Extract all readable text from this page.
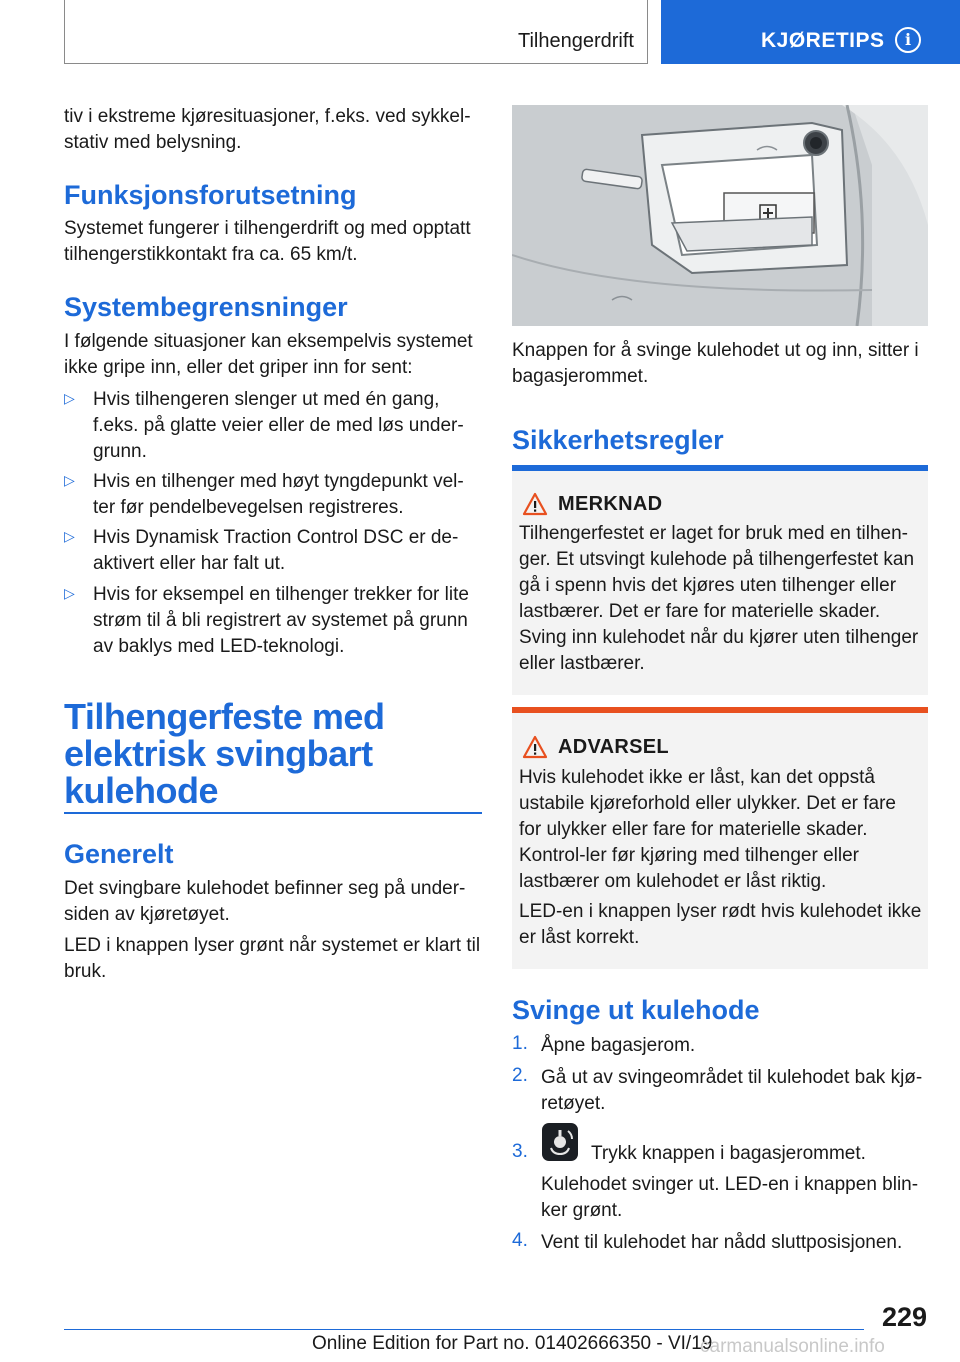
Tilhengerdrift	KJØRETIPS	i

tiv i ekstreme kjøresituasjoner, f.eks. ved sykkel-stativ med belysning.

Funksjonsforutsetning

Systemet fungerer i tilhengerdrift og med opptatt tilhengerstikkontakt fra ca. 65 km/t.

Systembegrensninger

I følgende situasjoner kan eksempelvis systemet ikke gripe inn, eller det griper inn for sent:

▷ Hvis tilhengeren slenger ut med én gang, f.eks. på glatte veier eller de med løs under-grunn.
▷ Hvis en tilhenger med høyt tyngdepunkt vel-ter før pendelbevegelsen registreres.
▷ Hvis Dynamisk Traction Control DSC er de-aktivert eller har falt ut.
▷ Hvis for eksempel en tilhenger trekker for lite strøm til å bli registrert av systemet på grunn av baklys med LED-teknologi.
Tilhengerfeste med elektrisk svingbart kulehode
Generelt

Det svingbare kulehodet befinner seg på under-siden av kjøretøyet.

LED i knappen lyser grønt når systemet er klart til bruk.

Knappen for å svinge kulehodet ut og inn, sitter i bagasjerommet.

Sikkerhetsregler
MERKNAD

Tilhengerfestet er laget for bruk med en tilhen-ger. Et utsvingt kulehode på tilhengerfestet kan gå i spenn hvis det kjøres uten tilhenger eller lastbærer. Det er fare for materielle skader. Sving inn kulehodet når du kjører uten tilhenger eller lastbærer.

ADVARSEL

Hvis kulehodet ikke er låst, kan det oppstå ustabile kjøreforhold eller ulykker. Det er fare for ulykker eller fare for materielle skader. Kontrol-ler før kjøring med tilhenger eller lastbærer om kulehodet er låst riktig.

LED-en i knappen lyser rødt hvis kulehodet ikke er låst korrekt.

Svinge ut kulehode
1. Åpne bagasjerom.
2. Gå ut av svingeområdet til kulehodet bak kjø-retøyet.
3.	Trykk knappen i bagasjerommet.
Kulehodet svinger ut. LED-en i knappen blin-ker grønt.
4. Vent til kulehodet har nådd sluttposisjonen.
229
Online Edition for Part no. 01402666350 - VI/19
carmanualsonline.info
